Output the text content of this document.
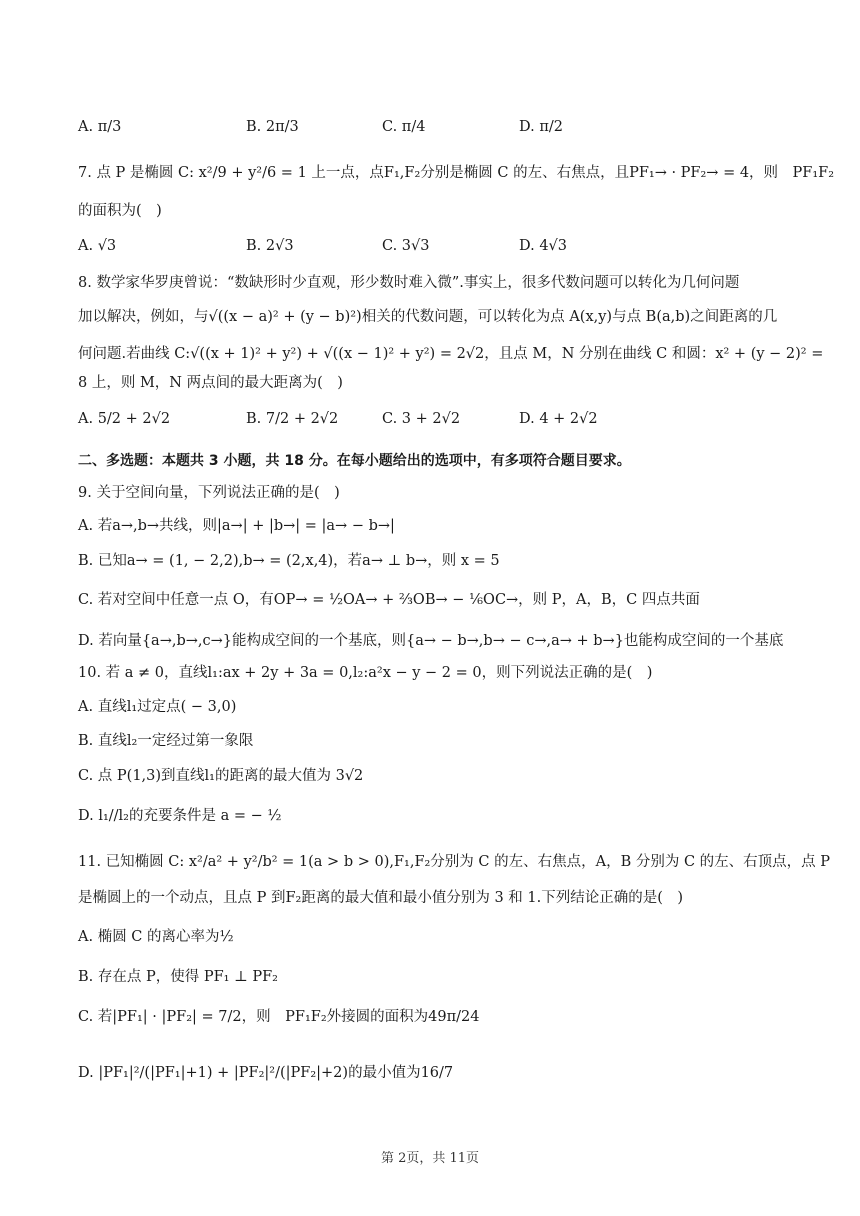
A. π/3	B. 2π/3	C. π/4	D. π/2
7. 点 P 是椭圆 C: x²/9 + y²/6 = 1 上一点，点F₁,F₂分别是椭圆 C 的左、右焦点，且PF₁→ · PF₂→ = 4，则　PF₁F₂
的面积为(　)
A. √3	B. 2√3	C. 3√3	D. 4√3
8. 数学家华罗庚曾说：“数缺形时少直观，形少数时难入微”.事实上，很多代数问题可以转化为几何问题
加以解决，例如，与√((x − a)² + (y − b)²)相关的代数问题，可以转化为点 A(x,y)与点 B(a,b)之间距离的几
何问题.若曲线 C:√((x + 1)² + y²) + √((x − 1)² + y²) = 2√2，且点 M，N 分别在曲线 C 和圆：x² + (y − 2)² =
8 上，则 M，N 两点间的最大距离为(　)
A. 5/2 + 2√2	B. 7/2 + 2√2	C. 3 + 2√2	D. 4 + 2√2
二、多选题：本题共 3 小题，共 18 分。在每小题给出的选项中，有多项符合题目要求。
9. 关于空间向量，下列说法正确的是(　)
A. 若a→,b→共线，则|a→| + |b→| = |a→ − b→|
B. 已知a→ = (1, − 2,2),b→ = (2,x,4)，若a→ ⊥ b→，则 x = 5
C. 若对空间中任意一点 O，有OP→ = ½OA→ + ⅔OB→ − ⅙OC→，则 P，A，B，C 四点共面
D. 若向量{a→,b→,c→}能构成空间的一个基底，则{a→ − b→,b→ − c→,a→ + b→}也能构成空间的一个基底
10. 若 a ≠ 0，直线l₁:ax + 2y + 3a = 0,l₂:a²x − y − 2 = 0，则下列说法正确的是(　)
A. 直线l₁过定点( − 3,0)
B. 直线l₂一定经过第一象限
C. 点 P(1,3)到直线l₁的距离的最大值为 3√2
D. l₁//l₂的充要条件是 a = − ½
11. 已知椭圆 C: x²/a² + y²/b² = 1(a > b > 0),F₁,F₂分别为 C 的左、右焦点，A，B 分别为 C 的左、右顶点，点 P
是椭圆上的一个动点，且点 P 到F₂距离的最大值和最小值分别为 3 和 1.下列结论正确的是(　)
A. 椭圆 C 的离心率为½
B. 存在点 P，使得 PF₁ ⊥ PF₂
C. 若|PF₁| · |PF₂| = 7/2，则　PF₁F₂外接圆的面积为49π/24
D. |PF₁|²/(|PF₁|+1) + |PF₂|²/(|PF₂|+2)的最小值为16/7
第 2页，共 11页
